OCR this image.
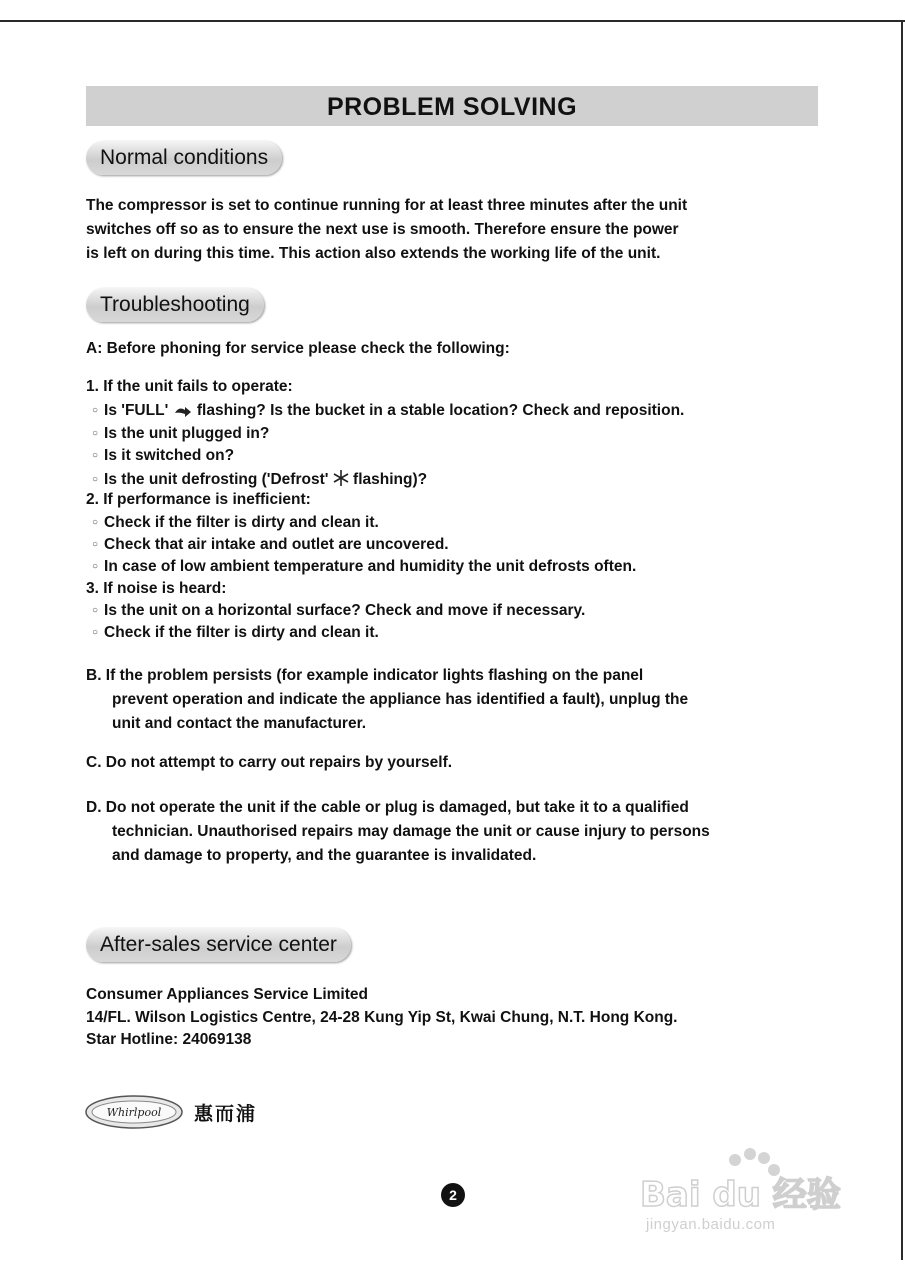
PROBLEM SOLVING
Normal conditions
The compressor is set to continue running for at least three minutes after the unit
switches off so as to ensure the next use is smooth. Therefore ensure the power
is left on during this time. This action also extends the working life of the unit.
Troubleshooting
A: Before phoning for service please check the following:
1. If the unit fails to operate:
○ Is 'FULL' flashing? Is the bucket in a stable location? Check and reposition.
○ Is the unit plugged in?
○ Is it switched on?
○ Is the unit defrosting ('Defrost' flashing)?
2. If performance is inefficient:
○ Check if the filter is dirty and clean it.
○ Check that air intake and outlet are uncovered.
○ In case of low ambient temperature and humidity the unit defrosts often.
3. If noise is heard:
○ Is the unit on a horizontal surface? Check and move if necessary.
○ Check if the filter is dirty and clean it.
B. If the problem persists (for example indicator lights flashing on the panel
prevent operation and indicate the appliance has identified a fault), unplug the
unit and contact the manufacturer.
C. Do not attempt to carry out repairs by yourself.
D. Do not operate the unit if the cable or plug is damaged, but take it to a qualified
technician. Unauthorised repairs may damage the unit or cause injury to persons
and damage to property, and the guarantee is invalidated.
After-sales service center
Consumer Appliances Service Limited
14/FL. Wilson Logistics Centre, 24-28 Kung Yip St, Kwai Chung, N.T. Hong Kong.
Star Hotline: 24069138
Whirlpool 惠而浦
2	Bai du 经验
jingyan.baidu.com
